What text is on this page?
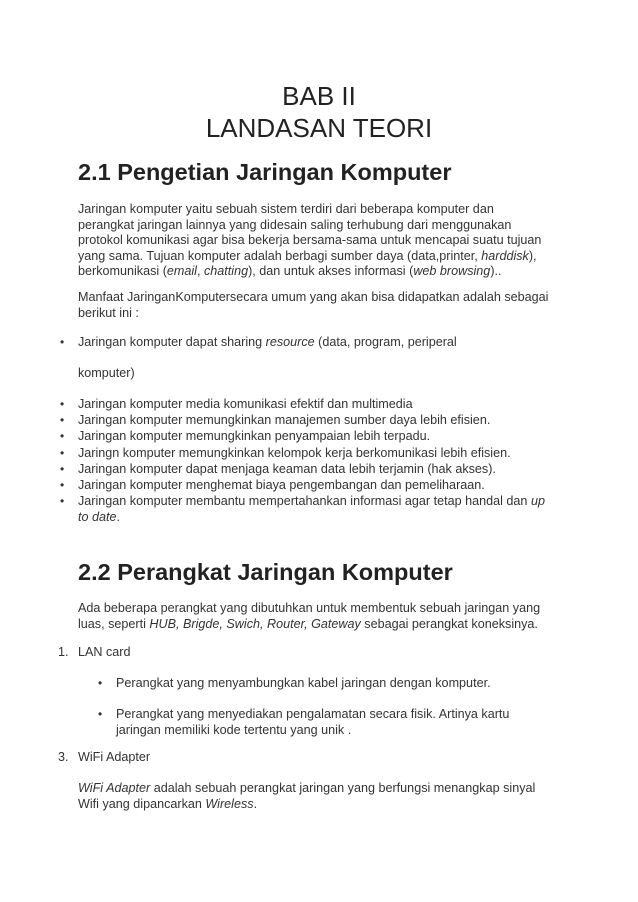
BAB II
LANDASAN TEORI
2.1 Pengetian Jaringan Komputer
Jaringan komputer yaitu sebuah sistem terdiri dari beberapa komputer dan
perangkat jaringan lainnya yang didesain saling terhubung dari menggunakan
protokol komunikasi agar bisa bekerja bersama-sama untuk mencapai suatu tujuan
yang sama. Tujuan komputer adalah berbagi sumber daya (data,printer, harddisk),
berkomunikasi (email, chatting), dan untuk akses informasi (web browsing)..
Manfaat JaringanKomputersecara umum yang akan bisa didapatkan adalah sebagai
berikut ini :
• Jaringan komputer dapat sharing resource (data, program, periperal
komputer)
• Jaringan komputer media komunikasi efektif dan multimedia
• Jaringan komputer memungkinkan manajemen sumber daya lebih efisien.
• Jaringan komputer memungkinkan penyampaian lebih terpadu.
• Jaringn komputer memungkinkan kelompok kerja berkomunikasi lebih efisien.
• Jaringan komputer dapat menjaga keaman data lebih terjamin (hak akses).
• Jaringan komputer menghemat biaya pengembangan dan pemeliharaan.
• Jaringan komputer membantu mempertahankan informasi agar tetap handal dan up
to date.
2.2 Perangkat Jaringan Komputer
Ada beberapa perangkat yang dibutuhkan untuk membentuk sebuah jaringan yang
luas, seperti HUB, Brigde, Swich, Router, Gateway sebagai perangkat koneksinya.
1. LAN card
• Perangkat yang menyambungkan kabel jaringan dengan komputer.
• Perangkat yang menyediakan pengalamatan secara fisik. Artinya kartu
jaringan memiliki kode tertentu yang unik .
3. WiFi Adapter
WiFi Adapter adalah sebuah perangkat jaringan yang berfungsi menangkap sinyal
Wifi yang dipancarkan Wireless.
